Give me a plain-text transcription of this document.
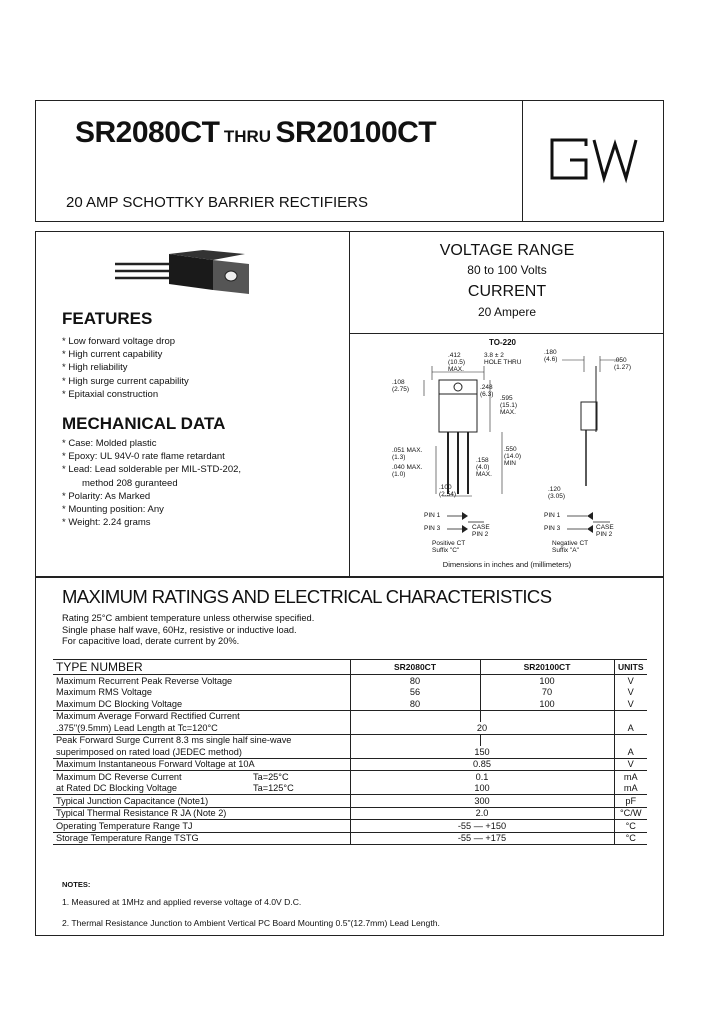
SR2080CT THRU SR20100CT
20 AMP SCHOTTKY BARRIER RECTIFIERS
FEATURES
* Low forward voltage drop
* High current capability
* High reliability
* High surge current capability
* Epitaxial construction
MECHANICAL DATA
* Case: Molded plastic
* Epoxy: UL 94V-0 rate flame retardant
* Lead: Lead solderable per MIL-STD-202,
method 208 guranteed
* Polarity: As Marked
* Mounting position: Any
* Weight: 2.24 grams
VOLTAGE RANGE
80 to 100 Volts
CURRENT
20 Ampere
TO-220
.412
(10.5)
MAX.
3.8 ± 2
HOLE THRU
.180
(4.6)	.050
(1.27)
.108
(2.75)	.248
(6.3)
.595
(15.1)
MAX.
.051 MAX.
(1.3)
.040 MAX.
(1.0)
.158
(4.0)
MAX.
.550
(14.0)
MIN
.100
(2.54)
.120
(3.05)
PIN 1
PIN 3	CASE
PIN 2
Positive CT
Suffix "C"
PIN 1
PIN 3	CASE
PIN 2
Negative CT
Suffix "A"
Dimensions in inches and (millimeters)
MAXIMUM RATINGS AND ELECTRICAL CHARACTERISTICS
Rating 25°C ambient temperature unless otherwise specified.
Single phase half wave, 60Hz, resistive or inductive load.
For capacitive load, derate current by 20%.
TYPE NUMBER	SR2080CT	SR20100CT	UNITS
Maximum Recurrent Peak Reverse Voltage	80	100	V
Maximum RMS Voltage	56	70	V
Maximum DC Blocking Voltage	80	100	V
Maximum Average Forward Rectified Current			
.375"(9.5mm) Lead Length at Tc=120°C	20		A
Peak Forward Surge Current 8.3 ms single half sine-wave			
superimposed on rated load (JEDEC method)	150		A
Maximum Instantaneous Forward Voltage at 10A	0.85		V
Maximum DC Reverse Current Ta=25°C	0.1		mA
at Rated DC Blocking Voltage Ta=125°C	100		mA
Typical Junction Capacitance (Note1)	300		pF
Typical Thermal Resistance R JA (Note 2)	2.0		°C/W
Operating Temperature Range TJ	-55 — +150		°C
Storage Temperature Range TSTG	-55 — +175		°C
NOTES:
1. Measured at 1MHz and applied reverse voltage of 4.0V D.C.
2. Thermal Resistance Junction to Ambient Vertical PC Board Mounting 0.5"(12.7mm) Lead Length.
